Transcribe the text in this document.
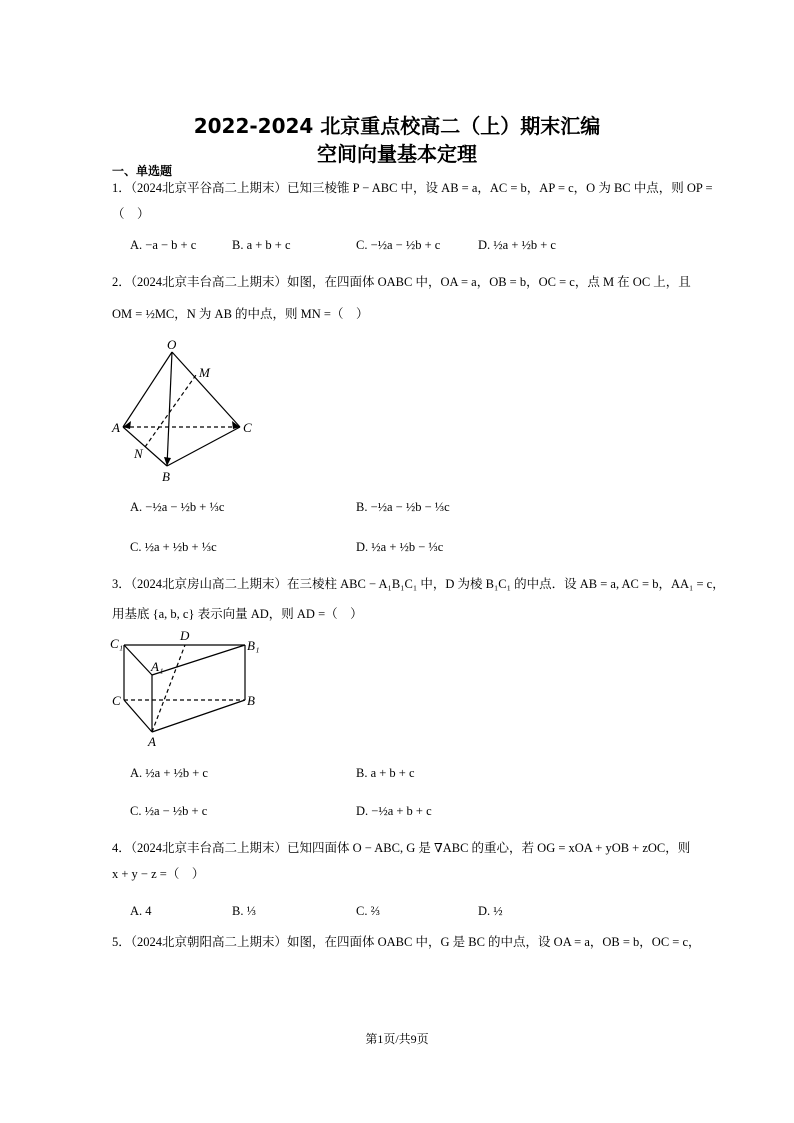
2022-2024 北京重点校高二（上）期末汇编
空间向量基本定理
一、单选题
1．（2024北京平谷高二上期末）已知三棱锥 P − ABC 中，设 AB = a，AC = b，AP = c，O 为 BC 中点，则 OP =
（　）
A. −a − b + c	B. a + b + c	C. −½a − ½b + c	D. ½a + ½b + c
2．（2024北京丰台高二上期末）如图，在四面体 OABC 中，OA = a，OB = b，OC = c，点 M 在 OC 上，且
OM = ½MC，N 为 AB 的中点，则 MN =（　）
O
M
A	C
N
B
A. −½a − ½b + ⅓c	B. −½a − ½b − ⅓c
C. ½a + ½b + ⅓c	D. ½a + ½b − ⅓c
3．（2024北京房山高二上期末）在三棱柱 ABC − A₁B₁C₁ 中，D 为棱 B₁C₁ 的中点．设 AB = a, AC = b，AA₁ = c，
用基底 {a, b, c} 表示向量 AD，则 AD =（　）
C₁
D
B₁
A₁
C	B
A
A. ½a + ½b + c	B. a + b + c
C. ½a − ½b + c	D. −½a + b + c
4．（2024北京丰台高二上期末）已知四面体 O − ABC, G 是 ∇ABC 的重心，若 OG = xOA + yOB + zOC，则
x + y − z =（　）
A. 4	B. ⅓	C. ⅔	D. ½
5．（2024北京朝阳高二上期末）如图，在四面体 OABC 中，G 是 BC 的中点，设 OA = a，OB = b，OC = c，
第1页/共9页
